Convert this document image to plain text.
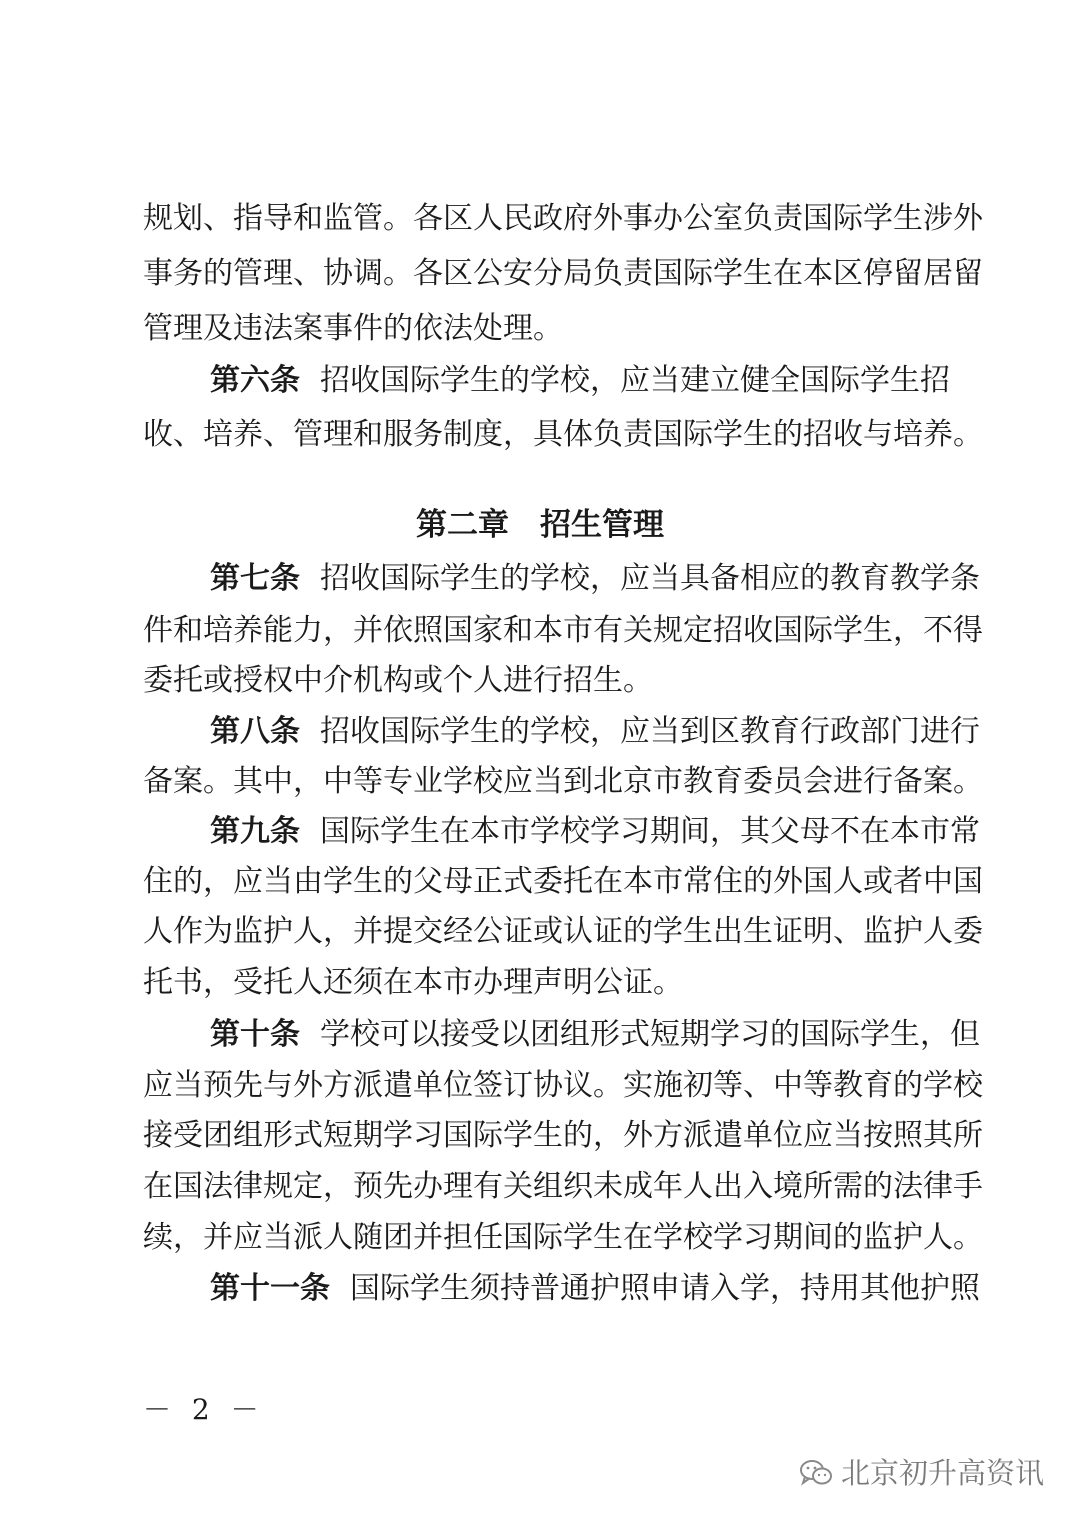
规划、指导和监管。各区人民政府外事办公室负责国际学生涉外
事务的管理、协调。各区公安分局负责国际学生在本区停留居留
管理及违法案事件的依法处理。
第六条 招收国际学生的学校，应当建立健全国际学生招
收、培养、管理和服务制度，具体负责国际学生的招收与培养。
第二章　招生管理
第七条 招收国际学生的学校，应当具备相应的教育教学条
件和培养能力，并依照国家和本市有关规定招收国际学生，不得
委托或授权中介机构或个人进行招生。
第八条 招收国际学生的学校，应当到区教育行政部门进行
备案。其中，中等专业学校应当到北京市教育委员会进行备案。
第九条 国际学生在本市学校学习期间，其父母不在本市常
住的，应当由学生的父母正式委托在本市常住的外国人或者中国
人作为监护人，并提交经公证或认证的学生出生证明、监护人委
托书，受托人还须在本市办理声明公证。
第十条 学校可以接受以团组形式短期学习的国际学生，但
应当预先与外方派遣单位签订协议。实施初等、中等教育的学校
接受团组形式短期学习国际学生的，外方派遣单位应当按照其所
在国法律规定，预先办理有关组织未成年人出入境所需的法律手
续，并应当派人随团并担任国际学生在学校学习期间的监护人。
第十一条 国际学生须持普通护照申请入学，持用其他护照
－ 2 －
北京初升高资讯
